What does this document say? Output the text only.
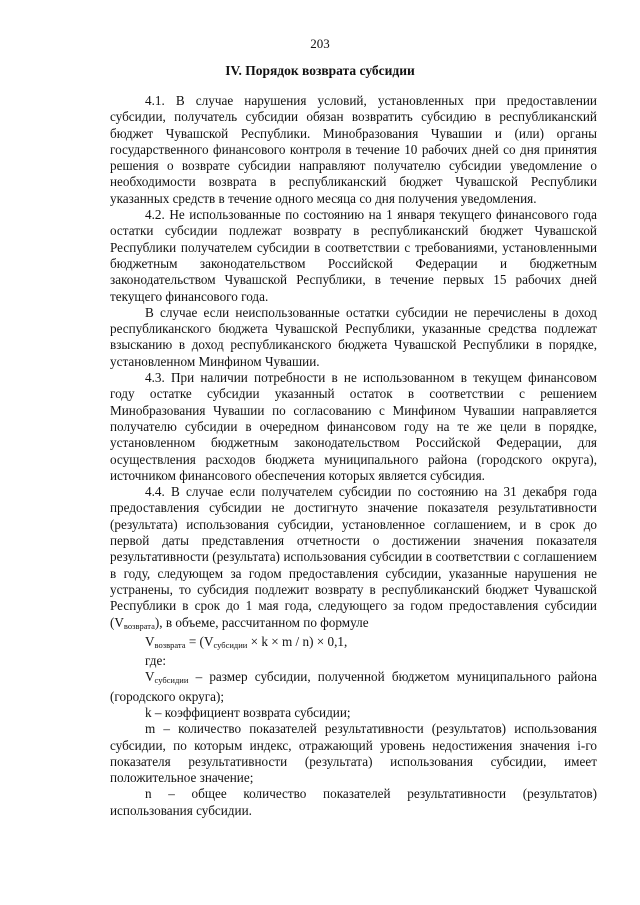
203
IV. Порядок возврата субсидии

4.1. В случае нарушения условий, установленных при предоставлении субсидии, получатель субсидии обязан возвратить субсидию в республиканский бюджет Чувашской Республики. Минобразования Чувашии и (или) органы государственного финансового контроля в течение 10 рабочих дней со дня принятия решения о возврате субсидии направляют получателю субсидии уведомление о необходимости возврата в республиканский бюджет Чувашской Республики указанных средств в течение одного месяца со дня получения уведомления.

4.2. Не использованные по состоянию на 1 января текущего финансового года остатки субсидии подлежат возврату в республиканский бюджет Чувашской Республики получателем субсидии в соответствии с требованиями, установленными бюджетным законодательством Российской Федерации и бюджетным законодательством Чувашской Республики, в течение первых 15 рабочих дней текущего финансового года.

В случае если неиспользованные остатки субсидии не перечислены в доход республиканского бюджета Чувашской Республики, указанные средства подлежат взысканию в доход республиканского бюджета Чувашской Республики в порядке, установленном Минфином Чувашии.

4.3. При наличии потребности в не использованном в текущем финансовом году остатке субсидии указанный остаток в соответствии с решением Минобразования Чувашии по согласованию с Минфином Чувашии направляется получателю субсидии в очередном финансовом году на те же цели в порядке, установленном бюджетным законодательством Российской Федерации, для осуществления расходов бюджета муниципального района (городского округа), источником финансового обеспечения которых является субсидия.

4.4. В случае если получателем субсидии по состоянию на 31 декабря года предоставления субсидии не достигнуто значение показателя результативности (результата) использования субсидии, установленное соглашением, и в срок до первой даты представления отчетности о достижении значения показателя результативности (результата) использования субсидии в соответствии с соглашением в году, следующем за годом предоставления субсидии, указанные нарушения не устранены, то субсидия подлежит возврату в республиканский бюджет Чувашской Республики в срок до 1 мая года, следующего за годом предоставления субсидии $(V_{возврата})$, в объеме, рассчитанном по формуле

$V_{возврата} = (V_{субсидии} \times k \times m / n) \times 0,1$,

где:

$V_{субсидии}$ – размер субсидии, полученной бюджетом муниципального района (городского округа);

k – коэффициент возврата субсидии;

m – количество показателей результативности (результатов) использования субсидии, по которым индекс, отражающий уровень недостижения значения i-го показателя результативности (результата) использования субсидии, имеет положительное значение;

n – общее количество показателей результативности (результатов) использования субсидии.
